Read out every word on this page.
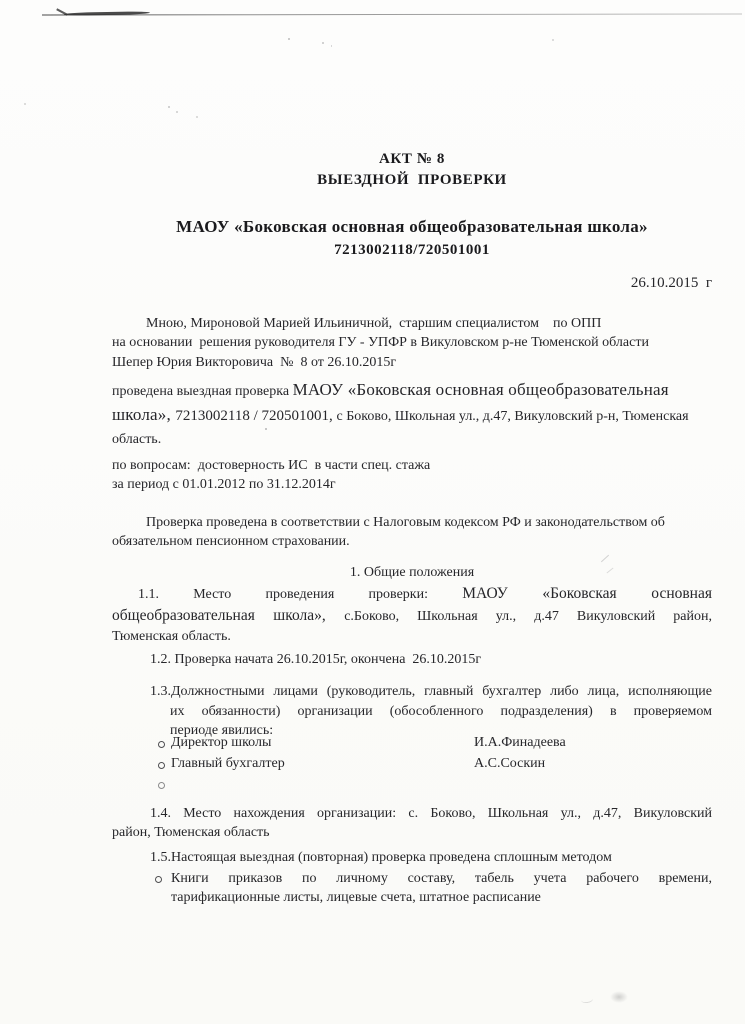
АКТ № 8
ВЫЕЗДНОЙ  ПРОВЕРКИ
МАОУ «Боковская основная общеобразовательная школа»
7213002118/720501001
26.10.2015  г
Мною, Мироновой Марией Ильиничной,  старшим специалистом    по ОПП
на основании  решения руководителя ГУ - УПФР в Викуловском р-не Тюменской области
Шепер Юрия Викторовича  №  8 от 26.10.2015г
проведена выездная проверка МАОУ «Боковская основная общеобразовательная
школа», 7213002118 / 720501001, с Боково, Школьная ул., д.47, Викуловский р-н, Тюменская
область.
по вопросам:  достоверность ИС  в части спец. стажа
за период с 01.01.2012 по 31.12.2014г
Проверка проведена в соответствии с Налоговым кодексом РФ и законодательством об
обязательном пенсионном страховании.
1. Общие положения
1.1. Место проведения проверки: МАОУ «Боковская основная
общеобразовательная школа», с.Боково, Школьная ул., д.47 Викуловский район,
Тюменская область.
1.2. Проверка начата 26.10.2015г, окончена  26.10.2015г
1.3.Должностными лицами (руководитель, главный бухгалтер либо лица, исполняющие
их обязанности) организации (обособленного подразделения) в проверяемом
периоде явились:
Директор школы	И.А.Финадеева
Главный бухгалтер	А.С.Соскин
1.4. Место нахождения организации: с. Боково, Школьная ул., д.47, Викуловский
район, Тюменская область
1.5.Настоящая выездная (повторная) проверка проведена сплошным методом
Книги приказов по личному составу, табель учета рабочего времени,
тарификационные листы, лицевые счета, штатное расписание
